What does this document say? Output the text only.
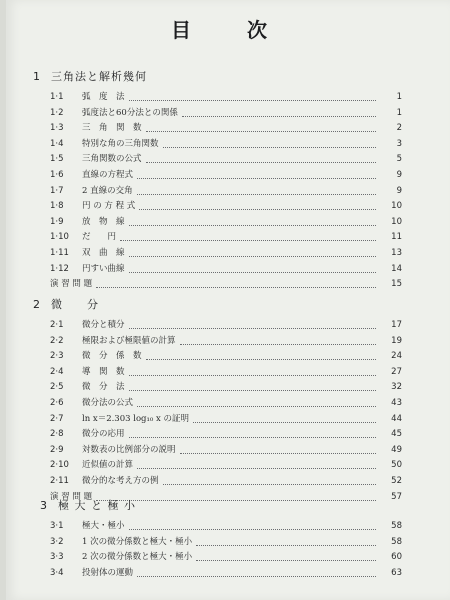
目　次
1 三角法と解析幾何
1·1	弧　度　法	1
1·2	弧度法と60分法との関係	1
1·3	三　角　関　数	2
1·4	特別な角の三角関数	3
1·5	三角関数の公式	5
1·6	直線の方程式	9
1·7	2 直線の交角	9
1·8	円 の 方 程 式	10
1·9	放　物　線	10
1·10	だ　　円	11
1·11	双　曲　線	13
1·12	円すい曲線	14
演 習 問 題	15
2 微　　分
2·1	微分と積分	17
2·2	極限および極限値の計算	19
2·3	微　分　係　数	24
2·4	導　関　数	27
2·5	微　分　法	32
2·6	微分法の公式	43
2·7	ln x＝2.303 log₁₀ x の証明	44
2·8	微分の応用	45
2·9	対数表の比例部分の説明	49
2·10	近似値の計算	50
2·11	微分的な考え方の例	52
演 習 問 題	57
3 極 大 と 極 小
3·1	極大・極小	58
3·2	1 次の微分係数と極大・極小	58
3·3	2 次の微分係数と極大・極小	60
3·4	投射体の運動	63
